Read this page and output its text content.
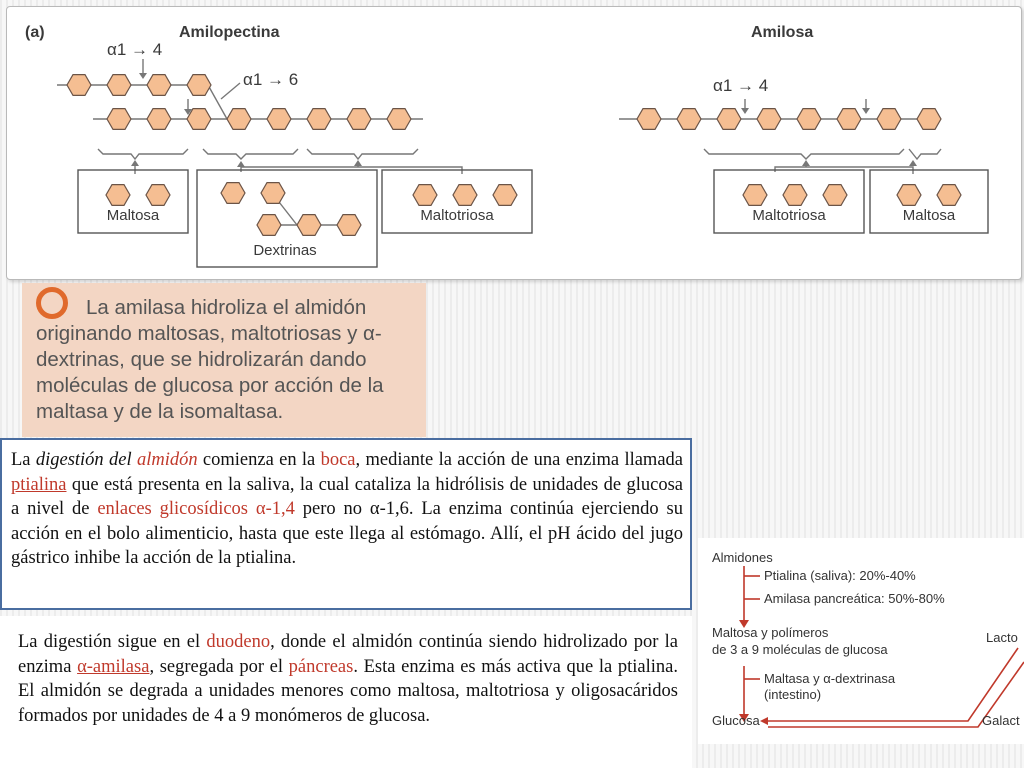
(a)	Amilopectina	Amilosa
α1 → 4
α1 → 6	α1 → 4
Maltosa
Dextrinas
Maltotriosa	Maltotriosa	Maltosa
La amilasa hidroliza el almidón originando maltosas, maltotriosas y α-dextrinas, que se hidrolizarán dando moléculas de glucosa por acción de la maltasa y de la isomaltasa.
La digestión del almidón comienza en la boca, mediante la acción de una enzima llamada ptialina que está presenta en la saliva, la cual cataliza la hidrólisis de unidades de glucosa a nivel de enlaces glicosídicos α-1,4 pero no α-1,6. La enzima continúa ejerciendo su acción en el bolo alimenticio, hasta que este llega al estómago. Allí, el pH ácido del jugo gástrico inhibe la acción de la ptialina.
La digestión sigue en el duodeno, donde el almidón continúa siendo hidrolizado por la enzima α-amilasa, segregada por el páncreas. Esta enzima es más activa que la ptialina. El almidón se degrada a unidades menores como maltosa, maltotriosa y oligosacáridos formados por unidades de 4 a 9 monómeros de glucosa.
Almidones
Ptialina (saliva): 20%-40%
Amilasa pancreática: 50%-80%
Maltosa y polímeros
de 3 a 9 moléculas de glucosa
Maltasa y α-dextrinasa
(intestino)
Glucosa
Lacto
Galact
